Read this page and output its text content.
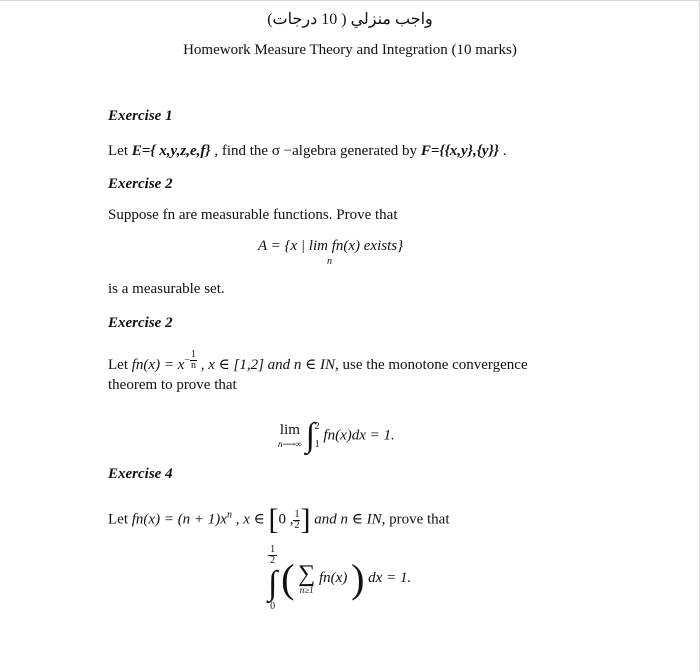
واجب منزلي ( 10 درجات)
Homework Measure Theory and Integration (10 marks)
Exercise 1
Let E={ x,y,z,e,f} , find the σ −algebra generated by F={{x,y},{y}} .
Exercise 2
Suppose fn are measurable functions. Prove that
A = {x | lim fn(x) exists}
n
is a measurable set.
Exercise 2
Let $fn(x) = x^{- \frac{1}{n}}$ , x ∈ [1,2] and n ∈ IN, use the monotone convergence
theorem to prove that
lim
n⟶∞ ∫ 2
1
fn(x)dx = 1.
Exercise 4
Let $fn(x) = (n + 1)x^n$ , x ∈ [0 , $\frac{1}{2}$ ] and n ∈ IN, prove that
1
2
∫
0
( ∑
n≥1
fn(x) ) dx = 1.
